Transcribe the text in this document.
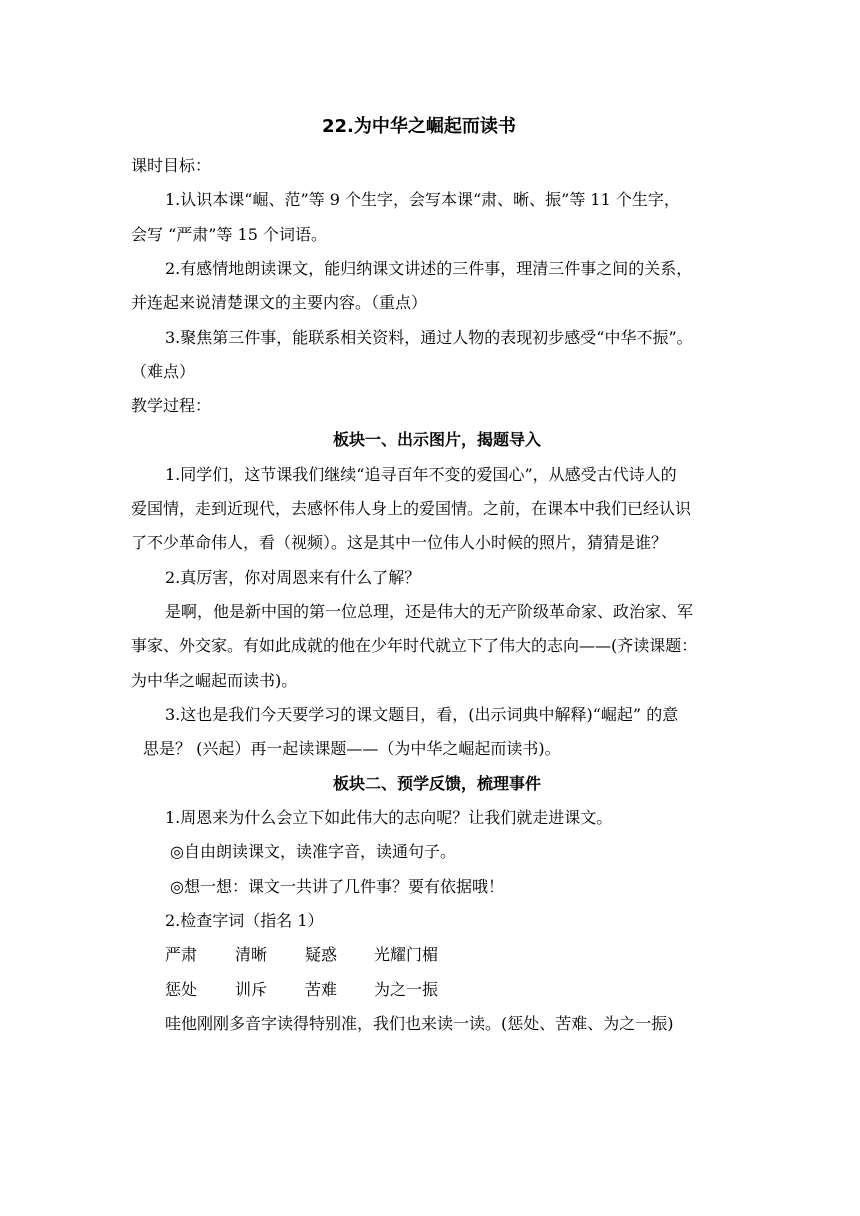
22.为中华之崛起而读书
课时目标：
1.认识本课“崛、范”等 9 个生字，会写本课“肃、晰、振”等 11 个生字，
会写 “严肃”等 15 个词语。
2.有感情地朗读课文，能归纳课文讲述的三件事，理清三件事之间的关系，
并连起来说清楚课文的主要内容。（重点）
3.聚焦第三件事，能联系相关资料，通过人物的表现初步感受“中华不振”。
（难点）
教学过程：
板块一、出示图片，揭题导入
1.同学们，这节课我们继续“追寻百年不变的爱国心”，从感受古代诗人的
爱国情，走到近现代，去感怀伟人身上的爱国情。之前，在课本中我们已经认识
了不少革命伟人，看（视频）。这是其中一位伟人小时候的照片，猜猜是谁？
2.真厉害，你对周恩来有什么了解？
是啊，他是新中国的第一位总理，还是伟大的无产阶级革命家、政治家、军
事家、外交家。有如此成就的他在少年时代就立下了伟大的志向——(齐读课题：
为中华之崛起而读书)。
3.这也是我们今天要学习的课文题目，看，(出示词典中解释)“崛起” 的意
思是？ (兴起）再一起读课题——（为中华之崛起而读书)。
板块二、预学反馈，梳理事件
1.周恩来为什么会立下如此伟大的志向呢？让我们就走进课文。
◎自由朗读课文，读准字音，读通句子。
◎想一想：课文一共讲了几件事？要有依据哦！
2.检查字词（指名 1）
严肃 清晰 疑惑 光耀门楣
惩处 训斥 苦难 为之一振
哇他刚刚多音字读得特别准，我们也来读一读。(惩处、苦难、为之一振)
